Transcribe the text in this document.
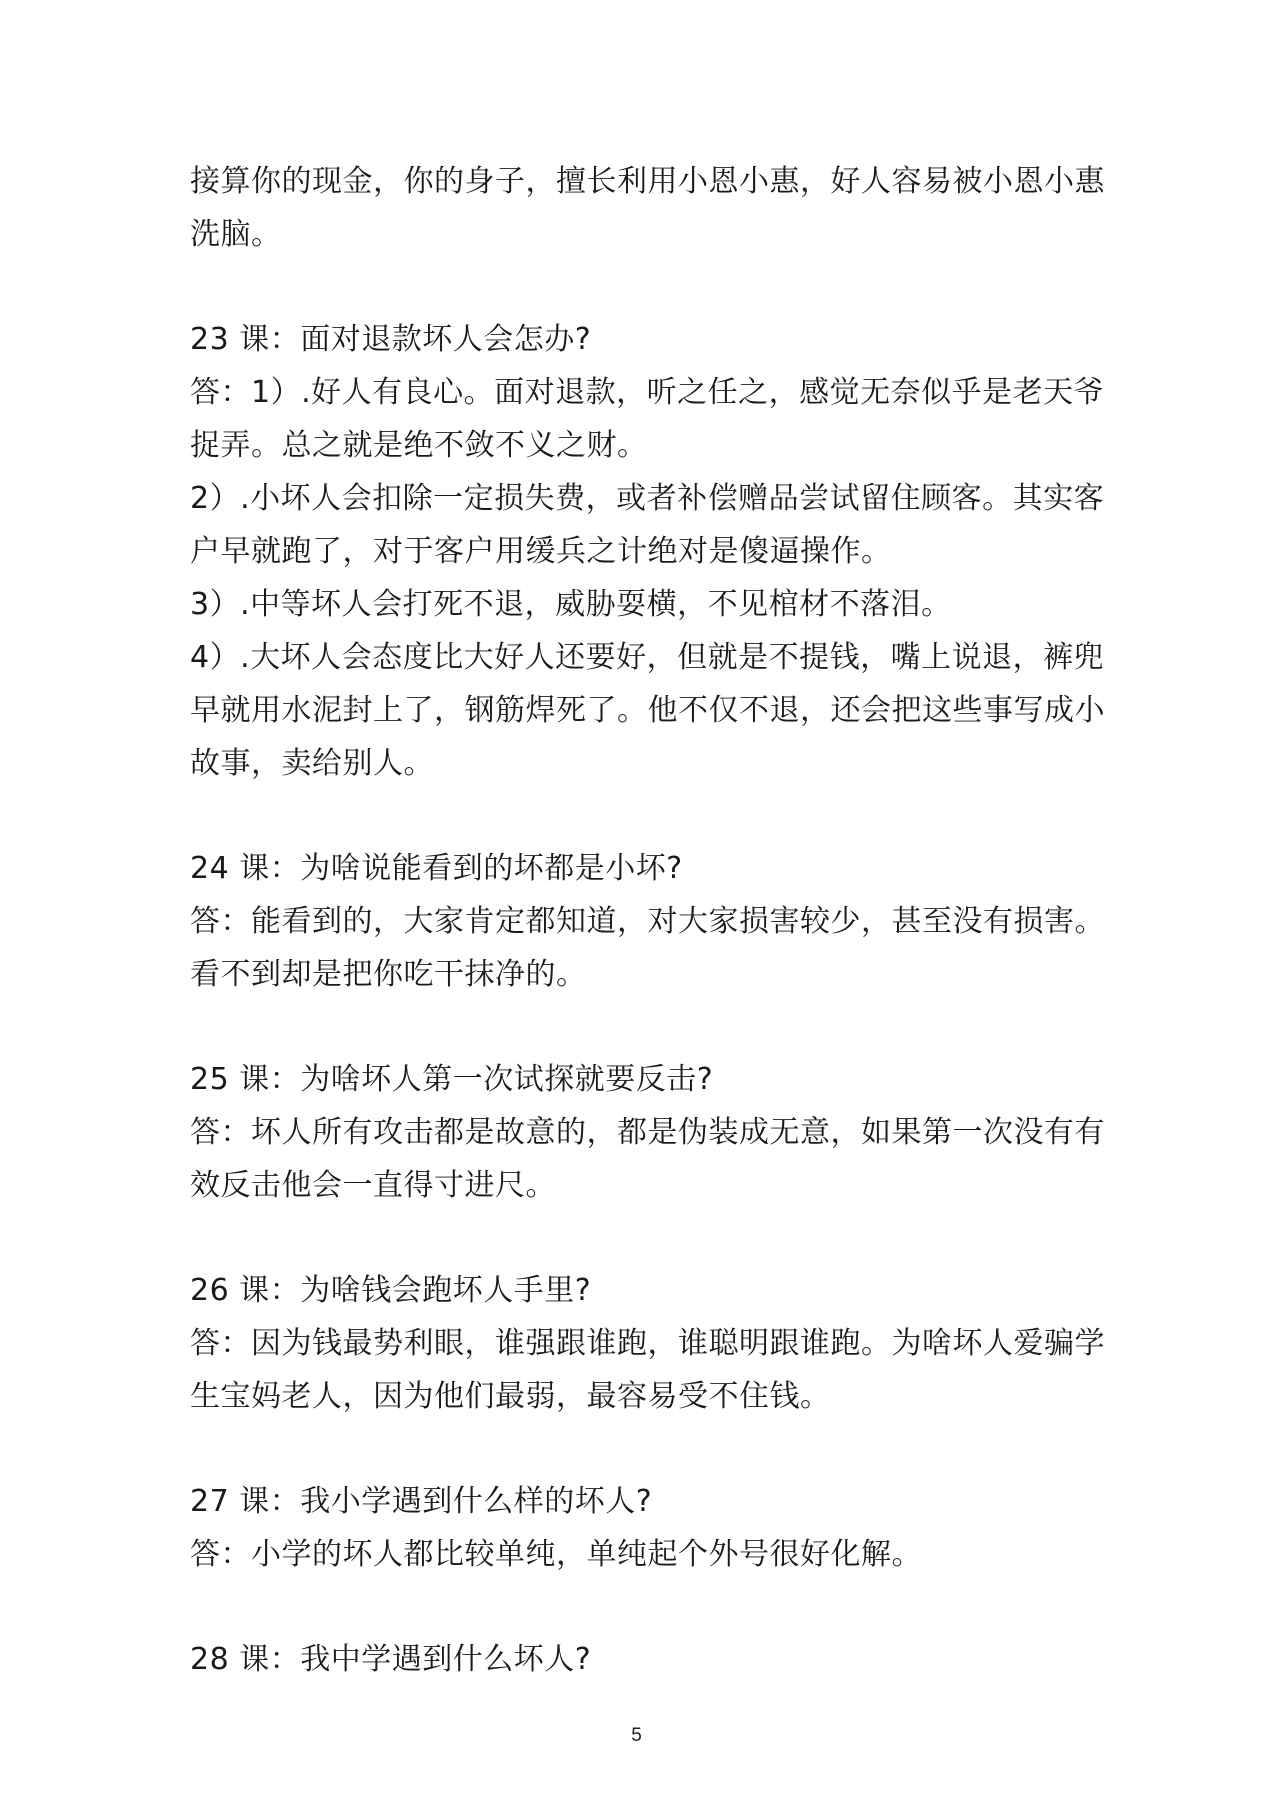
接算你的现金，你的身子，擅长利用小恩小惠，好人容易被小恩小惠
洗脑。
23 课：面对退款坏人会怎办?
答：1）.好人有良心。面对退款，听之任之，感觉无奈似乎是老天爷
捉弄。总之就是绝不敛不义之财。
2）.小坏人会扣除一定损失费，或者补偿赠品尝试留住顾客。其实客
户早就跑了，对于客户用缓兵之计绝对是傻逼操作。
3）.中等坏人会打死不退，威胁耍横，不见棺材不落泪。
4）.大坏人会态度比大好人还要好，但就是不提钱，嘴上说退，裤兜
早就用水泥封上了，钢筋焊死了。他不仅不退，还会把这些事写成小
故事，卖给别人。
24 课：为啥说能看到的坏都是小坏?
答：能看到的，大家肯定都知道，对大家损害较少，甚至没有损害。
看不到却是把你吃干抹净的。
25 课：为啥坏人第一次试探就要反击?
答：坏人所有攻击都是故意的，都是伪装成无意，如果第一次没有有
效反击他会一直得寸进尺。
26 课：为啥钱会跑坏人手里?
答：因为钱最势利眼，谁强跟谁跑，谁聪明跟谁跑。为啥坏人爱骗学
生宝妈老人，因为他们最弱，最容易受不住钱。
27 课：我小学遇到什么样的坏人?
答：小学的坏人都比较单纯，单纯起个外号很好化解。
28 课：我中学遇到什么坏人?
5
